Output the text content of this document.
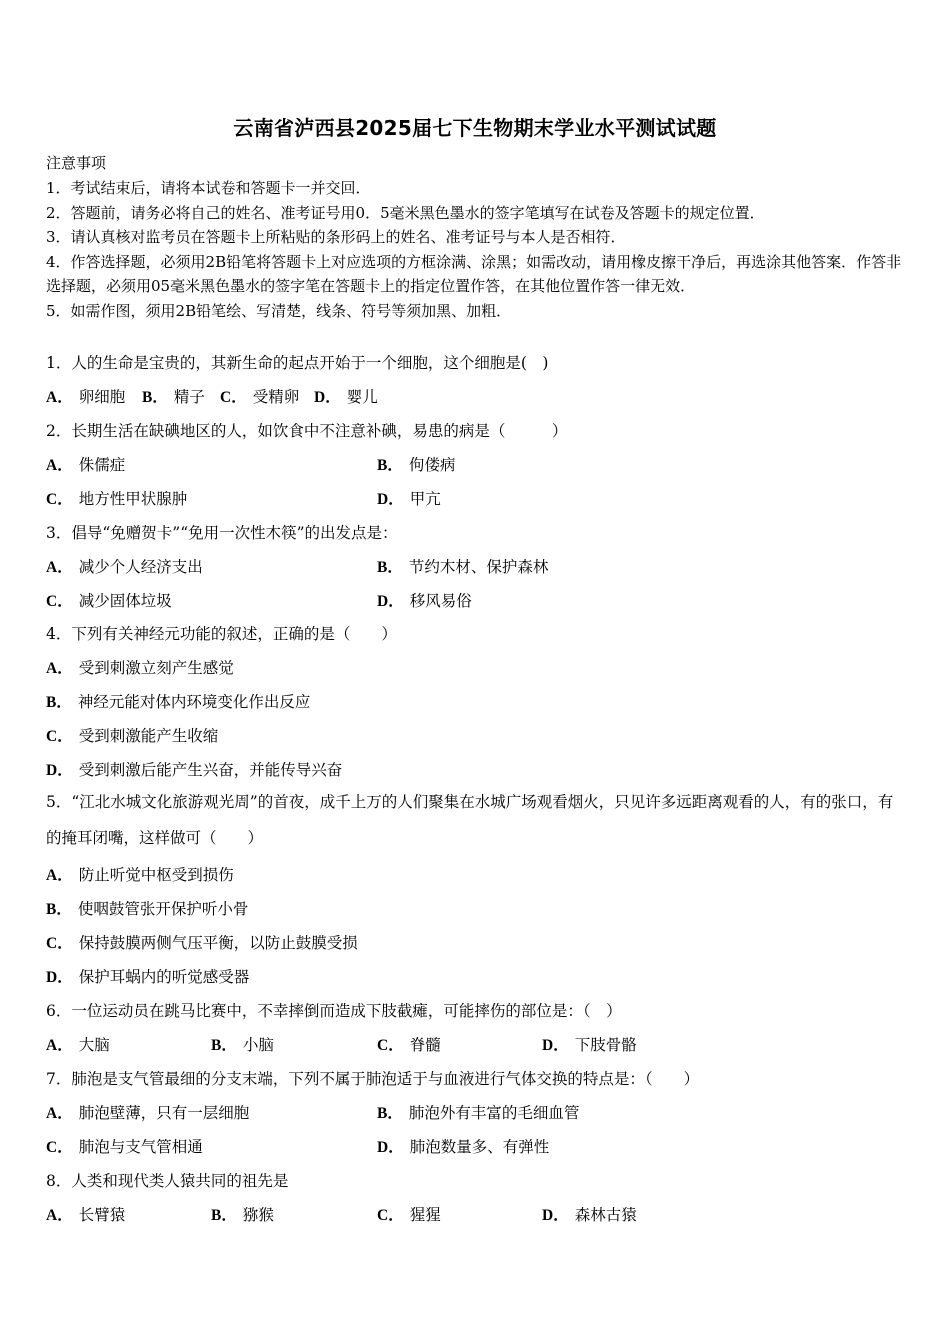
云南省泸西县2025届七下生物期末学业水平测试试题
注意事项

1．考试结束后，请将本试卷和答题卡一并交回．

2．答题前，请务必将自己的姓名、准考证号用0．5毫米黑色墨水的签字笔填写在试卷及答题卡的规定位置．

3．请认真核对监考员在答题卡上所粘贴的条形码上的姓名、准考证号与本人是否相符．

4．作答选择题，必须用2B铅笔将答题卡上对应选项的方框涂满、涂黑；如需改动，请用橡皮擦干净后，再选涂其他答案．作答非选择题，必须用05毫米黑色墨水的签字笔在答题卡上的指定位置作答，在其他位置作答一律无效．

5．如需作图，须用2B铅笔绘、写清楚，线条、符号等须加黑、加粗．

1．人的生命是宝贵的，其新生命的起点开始于一个细胞，这个细胞是(　)
A． 卵细胞 B． 精子 C． 受精卵 D． 婴儿
2．长期生活在缺碘地区的人，如饮食中不注意补碘，易患的病是（　　　）
A． 侏儒症	B． 佝偻病
C． 地方性甲状腺肿	D． 甲亢
3．倡导“免赠贺卡”“免用一次性木筷”的出发点是：
A． 减少个人经济支出	B． 节约木材、保护森林
C． 减少固体垃圾	D． 移风易俗
4．下列有关神经元功能的叙述，正确的是（　　）
A． 受到刺激立刻产生感觉
B． 神经元能对体内环境变化作出反应
C． 受到刺激能产生收缩
D． 受到刺激后能产生兴奋，并能传导兴奋
5．“江北水城文化旅游观光周”的首夜，成千上万的人们聚集在水城广场观看烟火，只见许多远距离观看的人，有的张口，有的掩耳闭嘴，这样做可（　　）
A． 防止听觉中枢受到损伤
B． 使咽鼓管张开保护听小骨
C． 保持鼓膜两侧气压平衡，以防止鼓膜受损
D． 保护耳蜗内的听觉感受器
6．一位运动员在跳马比赛中，不幸摔倒而造成下肢截瘫，可能摔伤的部位是：（　）
A． 大脑	B． 小脑	C． 脊髓	D． 下肢骨骼
7．肺泡是支气管最细的分支末端，下列不属于肺泡适于与血液进行气体交换的特点是：（　　）
A． 肺泡壁薄，只有一层细胞	B． 肺泡外有丰富的毛细血管
C． 肺泡与支气管相通	D． 肺泡数量多、有弹性
8．人类和现代类人猿共同的祖先是
A． 长臂猿	B． 猕猴	C． 猩猩	D． 森林古猿
